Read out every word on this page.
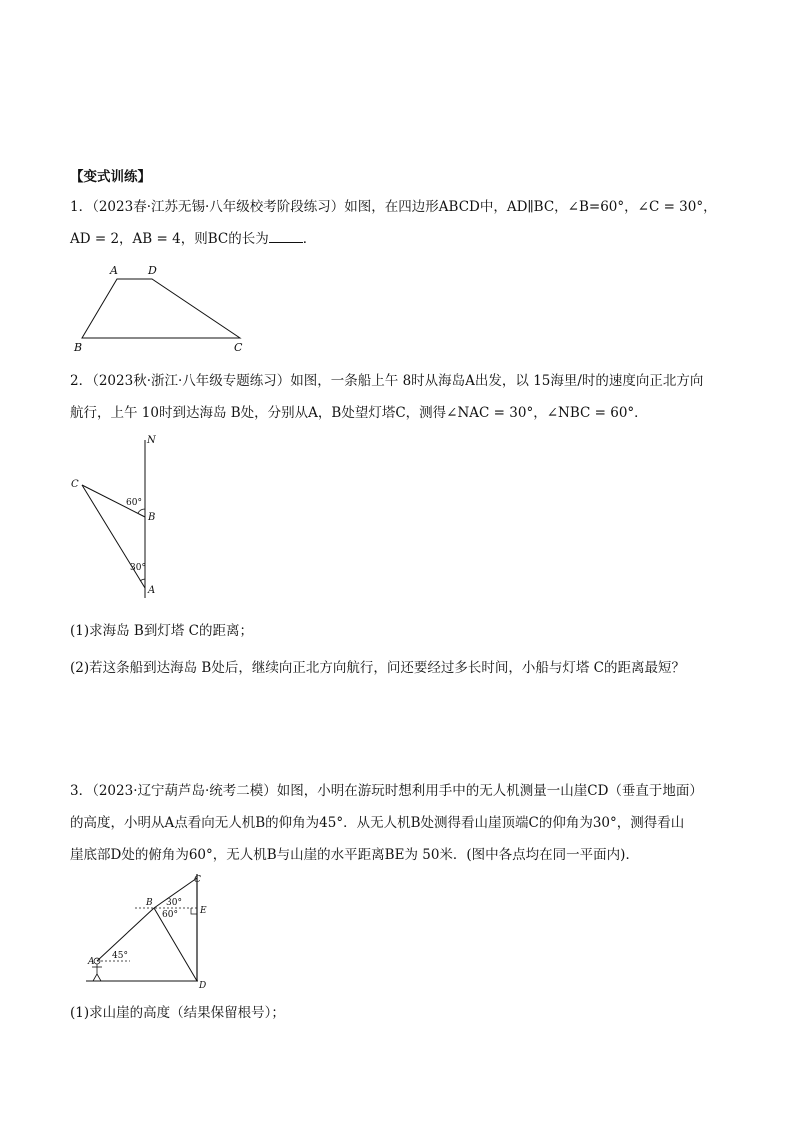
【变式训练】
1．（2023春·江苏无锡·八年级校考阶段练习）如图，在四边形ABCD中，AD∥BC，∠B=60°，∠C = 30°，
AD = 2，AB = 4，则BC的长为	．
A	D
B	C
2．（2023秋·浙江·八年级专题练习）如图，一条船上午 8时从海岛A出发，以 15海里/时的速度向正北方向
航行，上午 10时到达海岛 B处，分别从A，B处望灯塔C，测得∠NAC = 30°，∠NBC = 60°．
N
C
B
A
60°
30°
(1)求海岛 B到灯塔 C的距离；
(2)若这条船到达海岛 B处后，继续向正北方向航行，问还要经过多长时间，小船与灯塔 C的距离最短？
3．（2023·辽宁葫芦岛·统考二模）如图，小明在游玩时想利用手中的无人机测量一山崖CD（垂直于地面）
的高度，小明从A点看向无人机B的仰角为45°．从无人机B处测得看山崖顶端C的仰角为30°，测得看山
崖底部D处的俯角为60°，无人机B与山崖的水平距离BE为 50米．(图中各点均在同一平面内)．
C
B
E
A
D
30°
60°
45°
(1)求山崖的高度（结果保留根号）；
